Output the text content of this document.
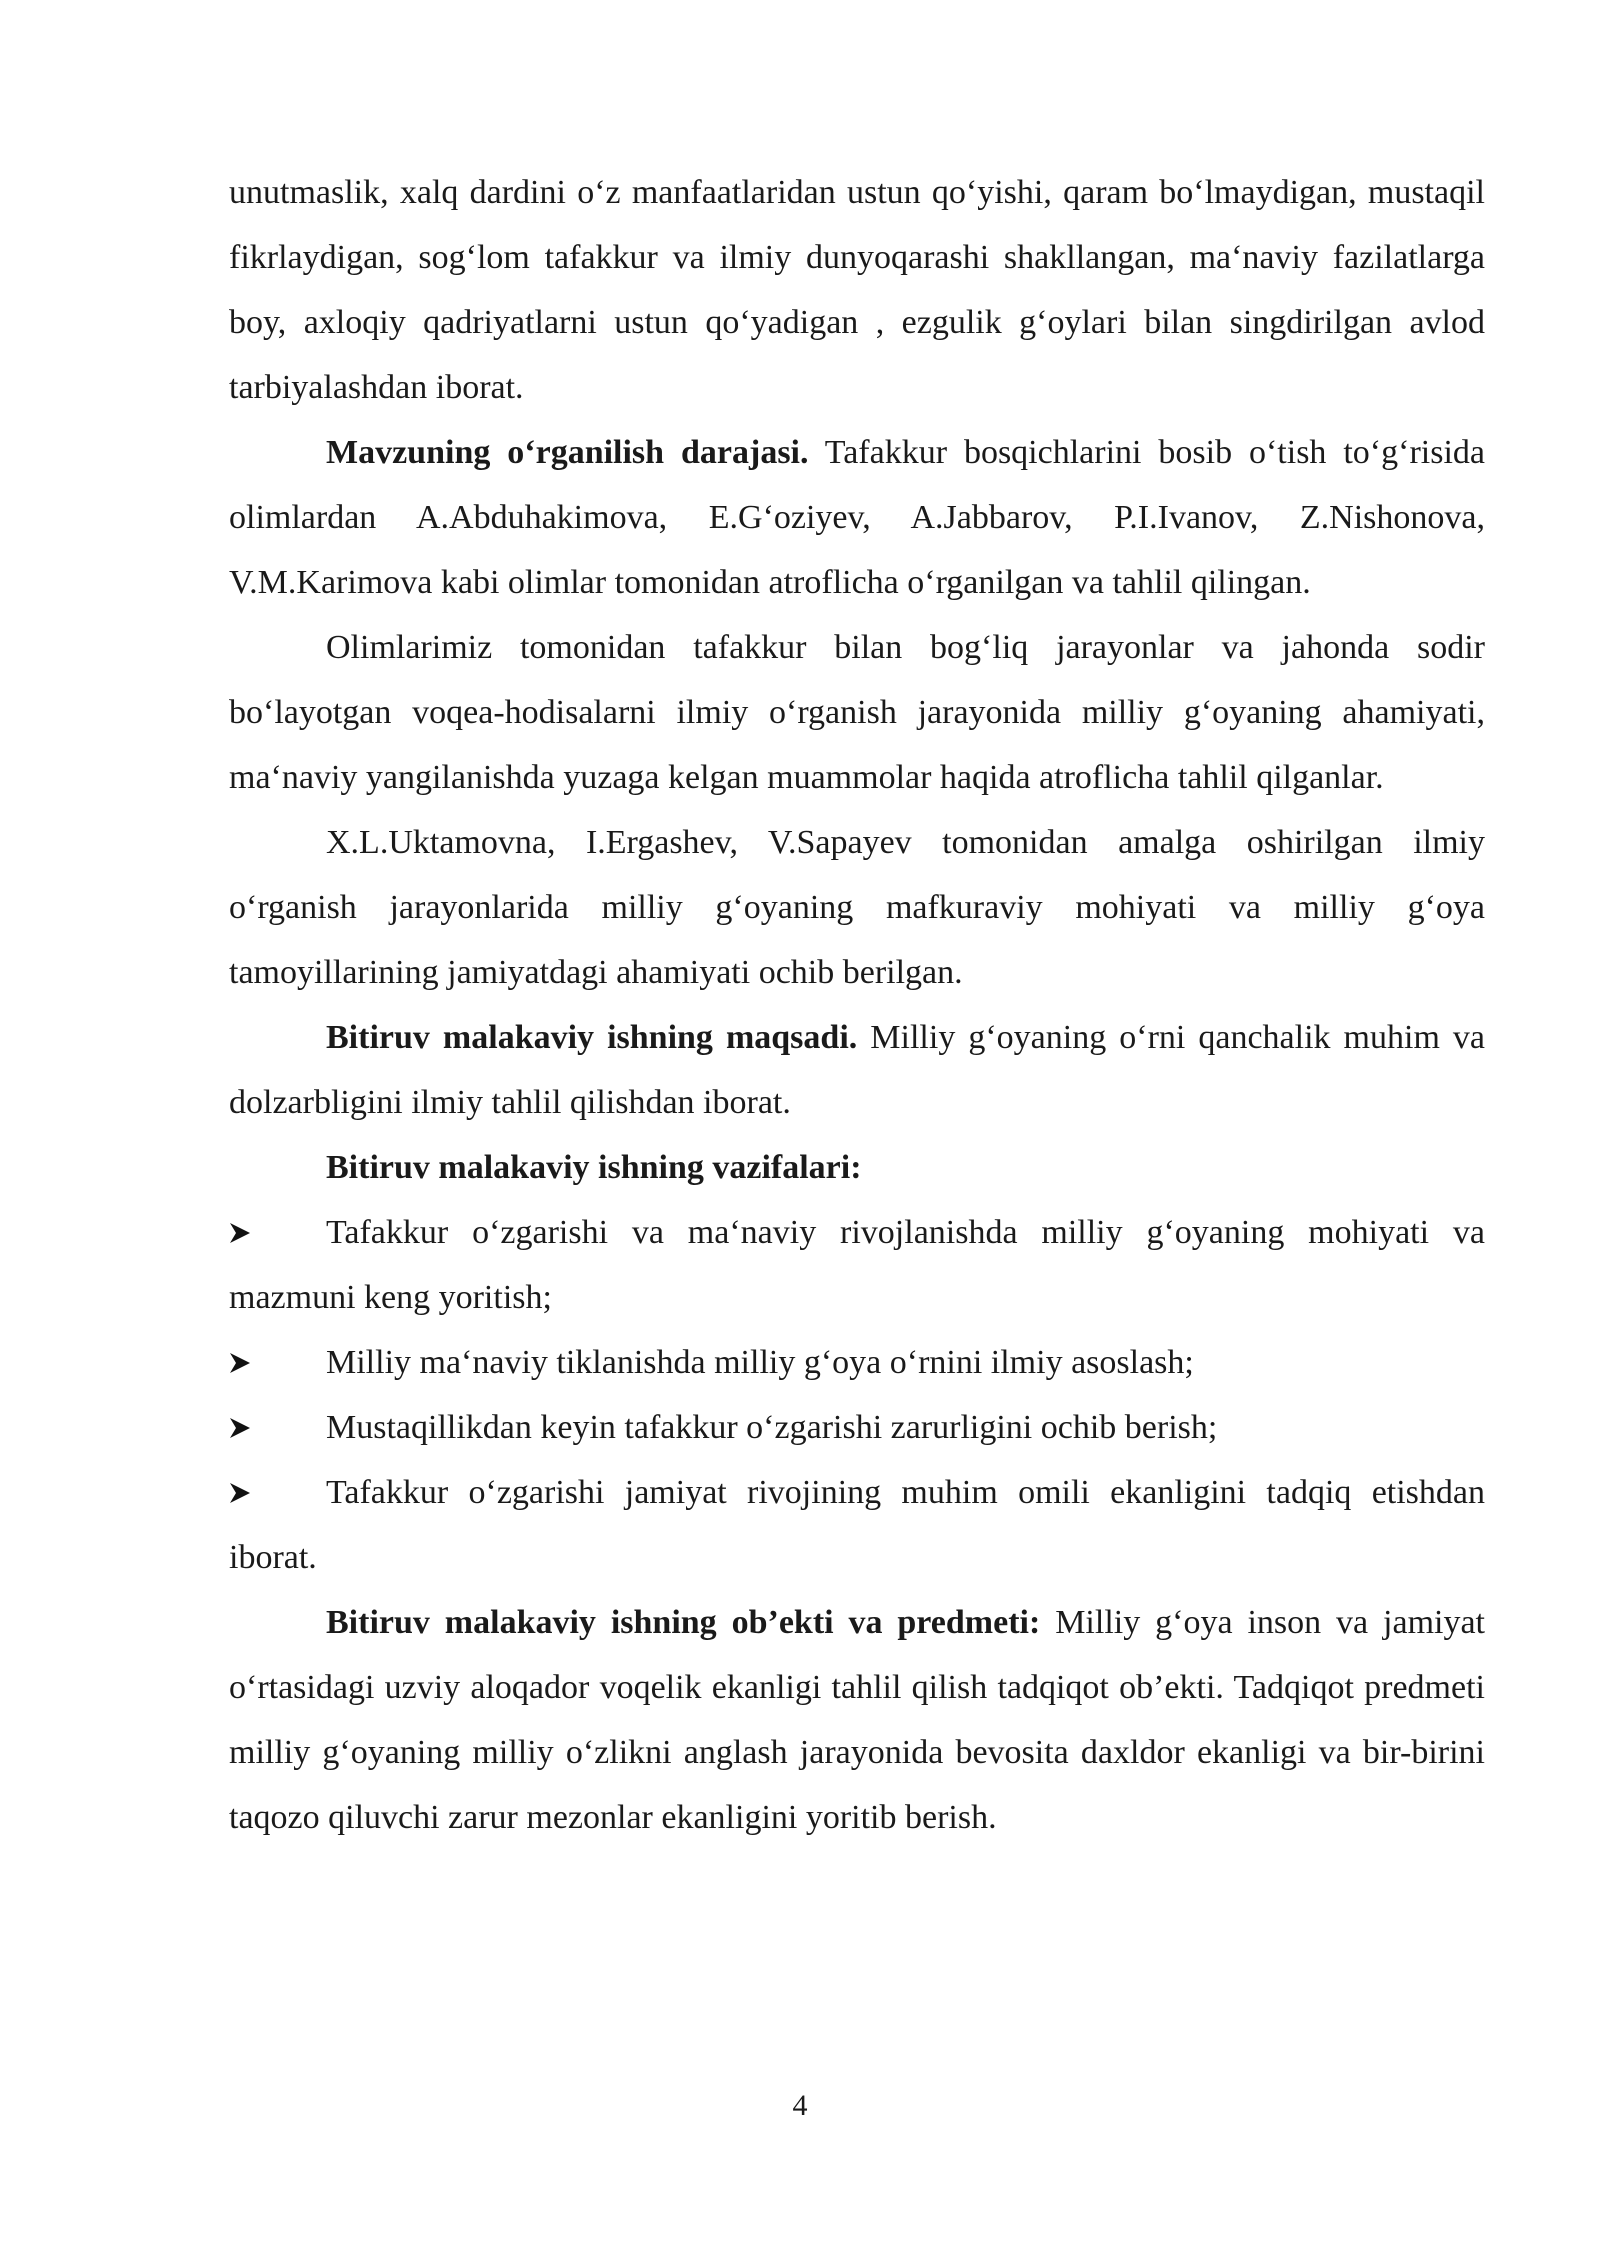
unutmaslik, xalq dardini o‘z manfaatlaridan ustun qo‘yishi, qaram bo‘lmaydigan, mustaqil fikrlaydigan, sog‘lom tafakkur va ilmiy dunyoqarashi shakllangan, ma‘naviy fazilatlarga boy, axloqiy qadriyatlarni ustun qo‘yadigan , ezgulik g‘oylari bilan singdirilgan avlod tarbiyalashdan iborat.

Mavzuning o‘rganilish darajasi. Tafakkur bosqichlarini bosib o‘tish to‘g‘risida olimlardan A.Abduhakimova, E.G‘oziyev, A.Jabbarov, P.I.Ivanov, Z.Nishonova, V.M.Karimova kabi olimlar tomonidan atroflicha o‘rganilgan va tahlil qilingan.

Olimlarimiz tomonidan tafakkur bilan bog‘liq jarayonlar va jahonda sodir bo‘layotgan voqea-hodisalarni ilmiy o‘rganish jarayonida milliy g‘oyaning ahamiyati, ma‘naviy yangilanishda yuzaga kelgan muammolar haqida atroflicha tahlil qilganlar.

X.L.Uktamovna, I.Ergashev, V.Sapayev tomonidan amalga oshirilgan ilmiy o‘rganish jarayonlarida milliy g‘oyaning mafkuraviy mohiyati va milliy g‘oya tamoyillarining jamiyatdagi ahamiyati ochib berilgan.

Bitiruv malakaviy ishning maqsadi. Milliy g‘oyaning o‘rni qanchalik muhim va dolzarbligini ilmiy tahlil qilishdan iborat.

Bitiruv malakaviy ishning vazifalari:

Tafakkur o‘zgarishi va ma‘naviy rivojlanishda milliy g‘oyaning mohiyati va mazmuni keng yoritish;
Milliy ma‘naviy tiklanishda milliy g‘oya o‘rnini ilmiy asoslash;
Mustaqillikdan keyin tafakkur o‘zgarishi zarurligini ochib berish;
Tafakkur o‘zgarishi jamiyat rivojining muhim omili ekanligini tadqiq etishdan iborat.

Bitiruv malakaviy ishning ob’ekti va predmeti: Milliy g‘oya inson va jamiyat o‘rtasidagi uzviy aloqador voqelik ekanligi tahlil qilish tadqiqot ob’ekti. Tadqiqot predmeti milliy g‘oyaning milliy o‘zlikni anglash jarayonida bevosita daxldor ekanligi va bir-birini taqozo qiluvchi zarur mezonlar ekanligini yoritib berish.

4
